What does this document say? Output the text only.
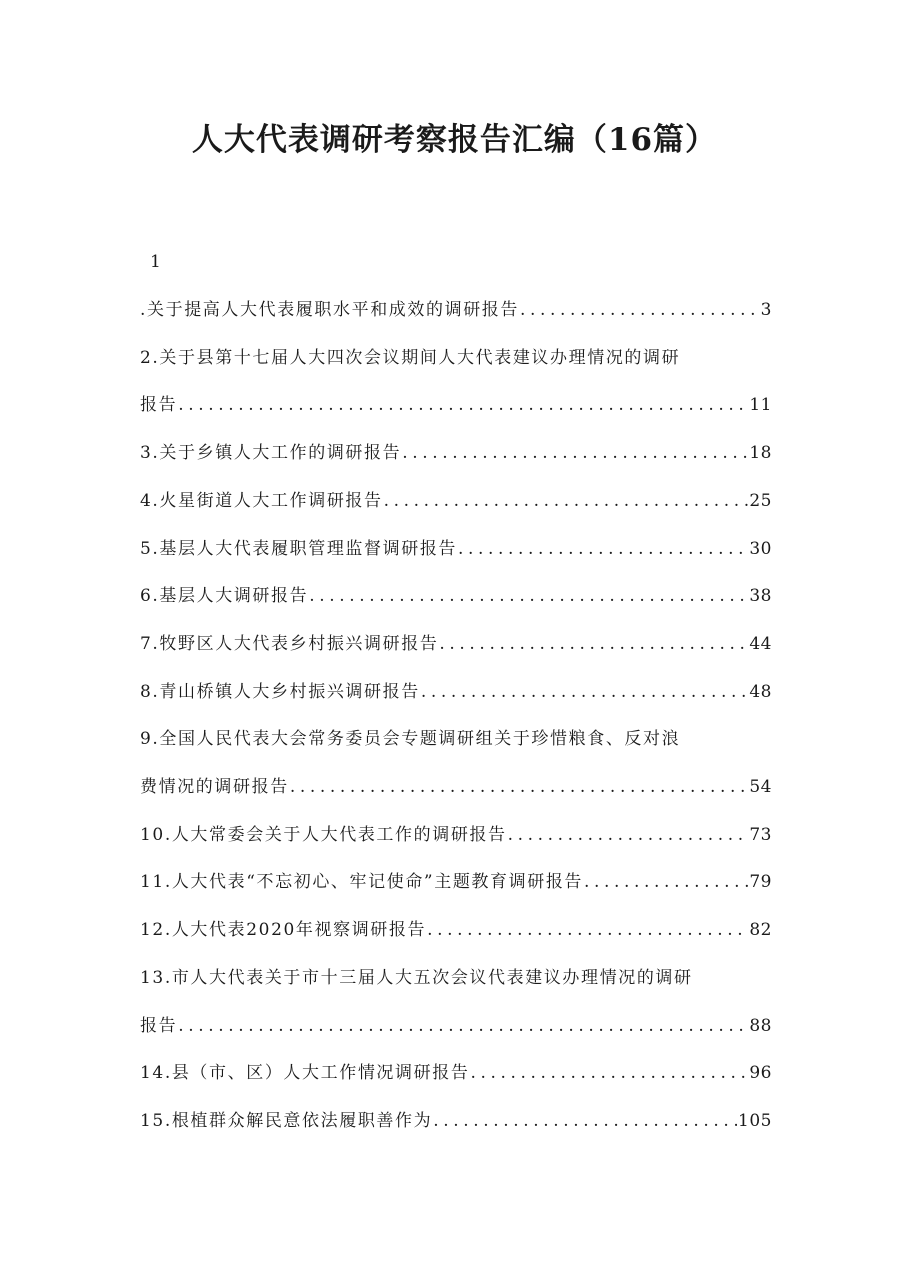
人大代表调研考察报告汇编（16篇）
1
.关于提高人大代表履职水平和成效的调研报告 .....	3
2.关于县第十七届人大四次会议期间人大代表建议办理情况的调研
报告 .....	11
3.关于乡镇人大工作的调研报告 .....	18
4.火星街道人大工作调研报告 .....	25
5.基层人大代表履职管理监督调研报告 .....	30
6.基层人大调研报告 .....	38
7.牧野区人大代表乡村振兴调研报告 .....	44
8.青山桥镇人大乡村振兴调研报告 .....	48
9.全国人民代表大会常务委员会专题调研组关于珍惜粮食、反对浪
费情况的调研报告 .....	54
10.人大常委会关于人大代表工作的调研报告 .....	73
11.人大代表“不忘初心、牢记使命”主题教育调研报告 .....	79
12.人大代表2020年视察调研报告 .....	82
13.市人大代表关于市十三届人大五次会议代表建议办理情况的调研
报告 .....	88
14.县（市、区）人大工作情况调研报告 .....	96
15.根植群众解民意依法履职善作为 .....	105
